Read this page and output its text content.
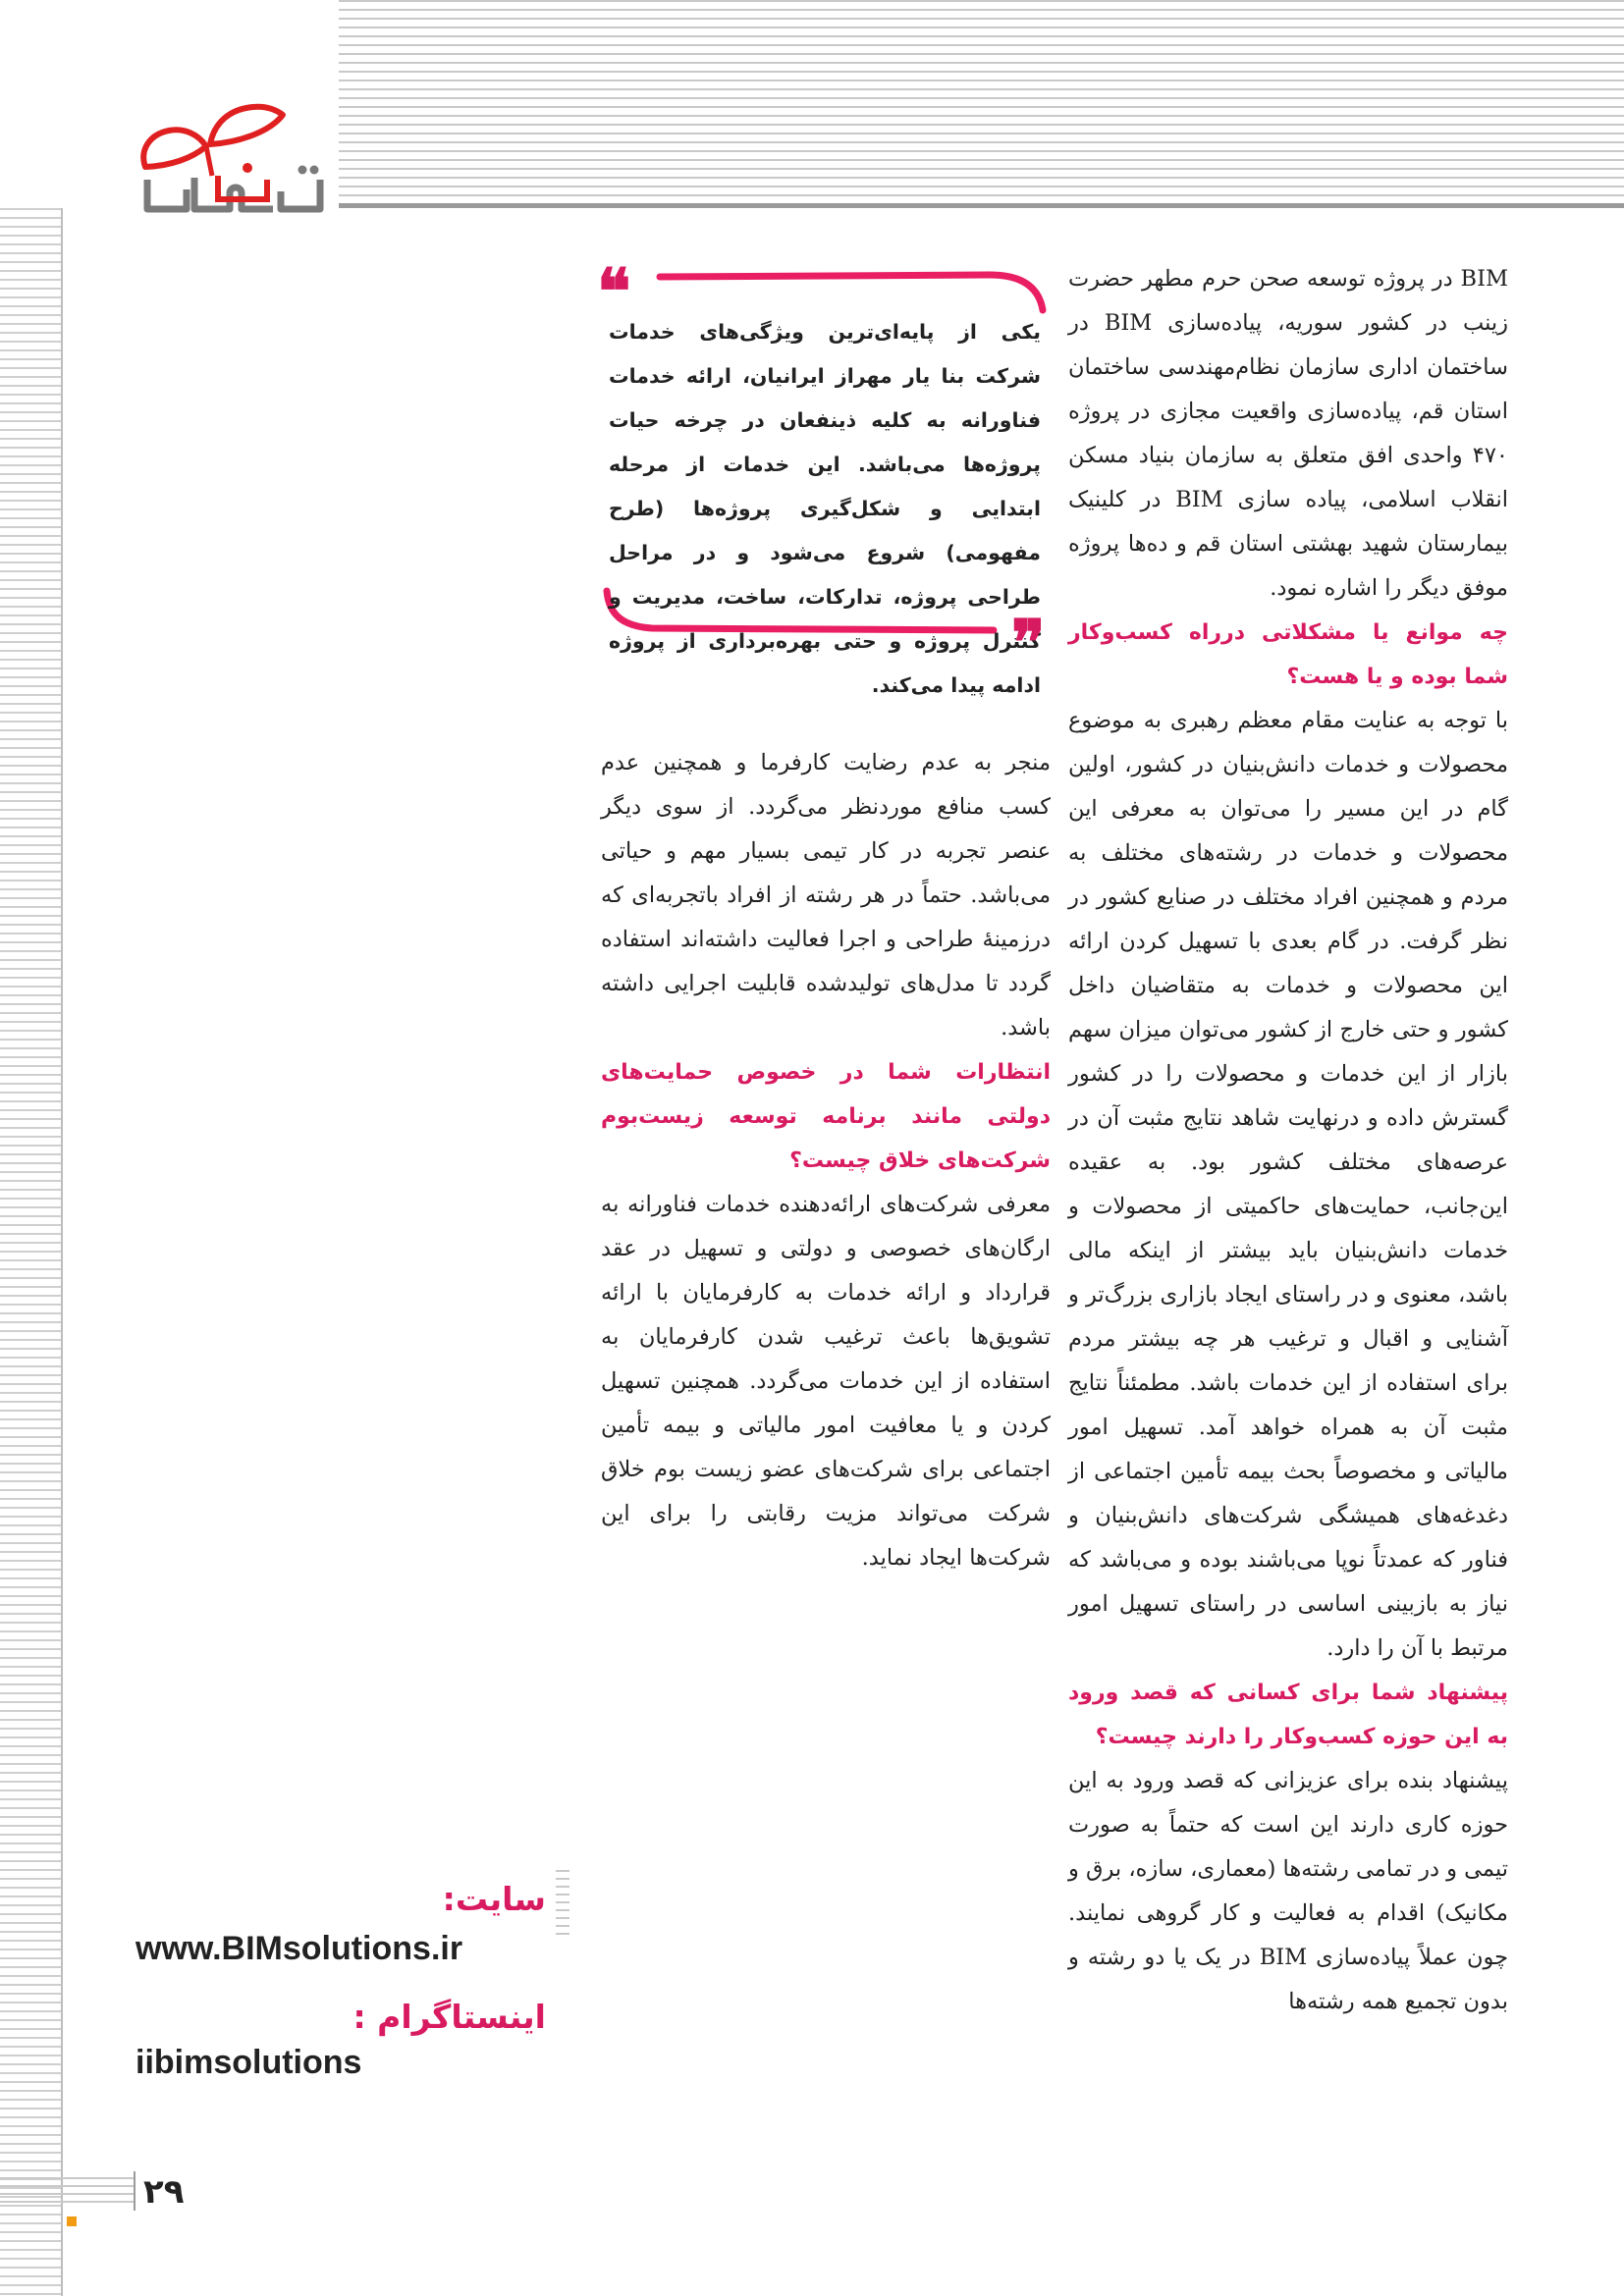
BIM در پروژه توسعه صحن حرم مطهر حضرت زینب در کشور سوریه، پیاده‌سازی BIM در ساختمان اداری سازمان نظام‌مهندسی ساختمان استان قم، پیاده‌سازی واقعیت مجازی در پروژه ۴۷۰ واحدی افق متعلق به سازمان بنیاد مسکن انقلاب اسلامی، پیاده سازی BIM در کلینیک بیمارستان شهید بهشتی استان قم و ده‌ها پروژه موفق دیگر را اشاره نمود.

چه موانع یا مشکلاتی درراه کسب‌وکار شما بوده و یا هست؟

با توجه به عنایت مقام معظم رهبری به موضوع محصولات و خدمات دانش‌بنیان در کشور، اولین گام در این مسیر را می‌توان به معرفی این محصولات و خدمات در رشته‌های مختلف به مردم و همچنین افراد مختلف در صنایع کشور در نظر گرفت. در گام بعدی با تسهیل کردن ارائه این محصولات و خدمات به متقاضیان داخل کشور و حتی خارج از کشور می‌توان میزان سهم بازار از این خدمات و محصولات را در کشور گسترش داده و درنهایت شاهد نتایج مثبت آن در عرصه‌های مختلف کشور بود. به عقیده این‌جانب، حمایت‌های حاکمیتی از محصولات و خدمات دانش‌بنیان باید بیشتر از اینکه مالی باشد، معنوی و در راستای ایجاد بازاری بزرگ‌تر و آشنایی و اقبال و ترغیب هر چه بیشتر مردم برای استفاده از این خدمات باشد. مطمئناً نتایج مثبت آن به همراه خواهد آمد. تسهیل امور مالیاتی و مخصوصاً بحث بیمه تأمین اجتماعی از دغدغه‌های همیشگی شرکت‌های دانش‌بنیان و فناور که عمدتاً نوپا می‌باشند بوده و می‌باشد که نیاز به بازبینی اساسی در راستای تسهیل امور مرتبط با آن را دارد.

پیشنهاد شما برای کسانی که قصد ورود به این حوزه کسب‌وکار را دارند چیست؟

پیشنهاد بنده برای عزیزانی که قصد ورود به این حوزه کاری دارند این است که حتماً به صورت تیمی و در تمامی رشته‌ها (معماری، سازه، برق و مکانیک) اقدام به فعالیت و کار گروهی نمایند. چون عملاً پیاده‌سازی BIM در یک یا دو رشته و بدون تجمیع همه رشته‌ها

❝
یکی از پایه‌ای‌ترین ویژگی‌های خدمات شرکت بنا یار مهراز ایرانیان، ارائه خدمات فناورانه به کلیه ذینفعان در چرخه حیات پروژه‌ها می‌باشد. این خدمات از مرحله ابتدایی و شکل‌گیری پروژه‌ها (طرح مفهومی) شروع می‌شود و در مراحل طراحی پروژه، تدارکات، ساخت، مدیریت و کنترل پروژه و حتی بهره‌برداری از پروژه ادامه پیدا می‌کند.
❞

منجر به عدم رضایت کارفرما و همچنین عدم کسب منافع موردنظر می‌گردد. از سوی دیگر عنصر تجربه در کار تیمی بسیار مهم و حیاتی می‌باشد. حتماً در هر رشته از افراد باتجربه‌ای که درزمینهٔ طراحی و اجرا فعالیت داشته‌اند استفاده گردد تا مدل‌های تولیدشده قابلیت اجرایی داشته باشد.

انتظارات شما در خصوص حمایت‌های دولتی مانند برنامه توسعه زیست‌بوم شرکت‌های خلاق چیست؟

معرفی شرکت‌های ارائه‌دهنده خدمات فناورانه به ارگان‌های خصوصی و دولتی و تسهیل در عقد قرارداد و ارائه خدمات به کارفرمایان با ارائه تشویق‌ها باعث ترغیب شدن کارفرمایان به استفاده از این خدمات می‌گردد. همچنین تسهیل کردن و یا معافیت امور مالیاتی و بیمه تأمین اجتماعی برای شرکت‌های عضو زیست بوم خلاق شرکت می‌تواند مزیت رقابتی را برای این شرکت‌ها ایجاد نماید.

سایت:
www.BIMsolutions.ir
اینستاگرام :
iibimsolutions
۲۹
